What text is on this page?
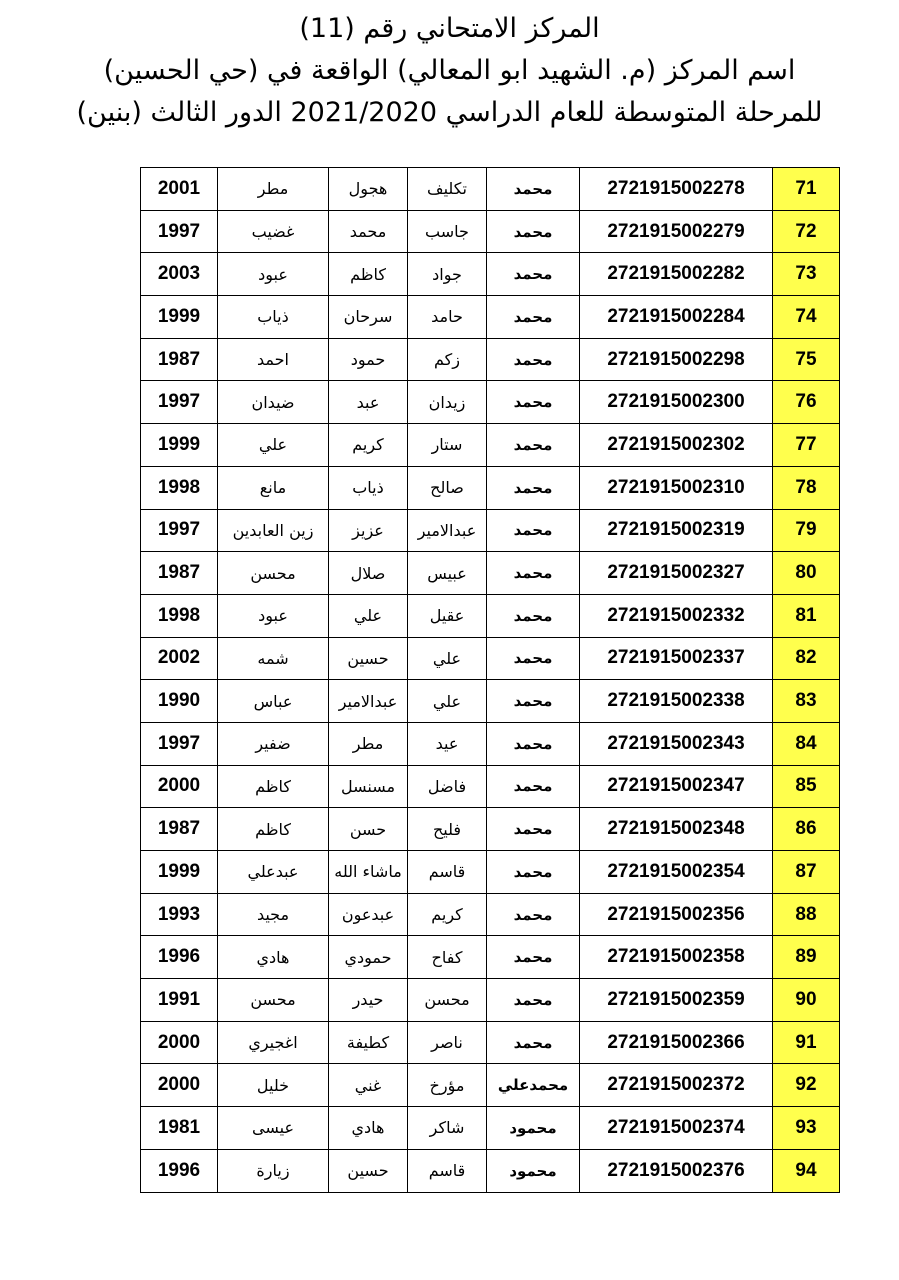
المركز الامتحاني رقم (11)
اسم المركز (م. الشهيد ابو المعالي) الواقعة في (حي الحسين)
للمرحلة المتوسطة للعام الدراسي 2021/2020 الدور الثالث (بنين)
71	2721915002278	محمد	تكليف	هجول	مطر	2001
72	2721915002279	محمد	جاسب	محمد	غضيب	1997
73	2721915002282	محمد	جواد	كاظم	عبود	2003
74	2721915002284	محمد	حامد	سرحان	ذياب	1999
75	2721915002298	محمد	زكم	حمود	احمد	1987
76	2721915002300	محمد	زيدان	عبد	ضيدان	1997
77	2721915002302	محمد	ستار	كريم	علي	1999
78	2721915002310	محمد	صالح	ذياب	مانع	1998
79	2721915002319	محمد	عبدالامير	عزيز	زين العابدين	1997
80	2721915002327	محمد	عبيس	صلال	محسن	1987
81	2721915002332	محمد	عقيل	علي	عبود	1998
82	2721915002337	محمد	علي	حسين	شمه	2002
83	2721915002338	محمد	علي	عبدالامير	عباس	1990
84	2721915002343	محمد	عيد	مطر	ضفير	1997
85	2721915002347	محمد	فاضل	مسنسل	كاظم	2000
86	2721915002348	محمد	فليح	حسن	كاظم	1987
87	2721915002354	محمد	قاسم	ماشاء الله	عبدعلي	1999
88	2721915002356	محمد	كريم	عبدعون	مجيد	1993
89	2721915002358	محمد	كفاح	حمودي	هادي	1996
90	2721915002359	محمد	محسن	حيدر	محسن	1991
91	2721915002366	محمد	ناصر	كطيفة	اغجيري	2000
92	2721915002372	محمدعلي	مؤرخ	غني	خليل	2000
93	2721915002374	محمود	شاكر	هادي	عيسى	1981
94	2721915002376	محمود	قاسم	حسين	زيارة	1996
